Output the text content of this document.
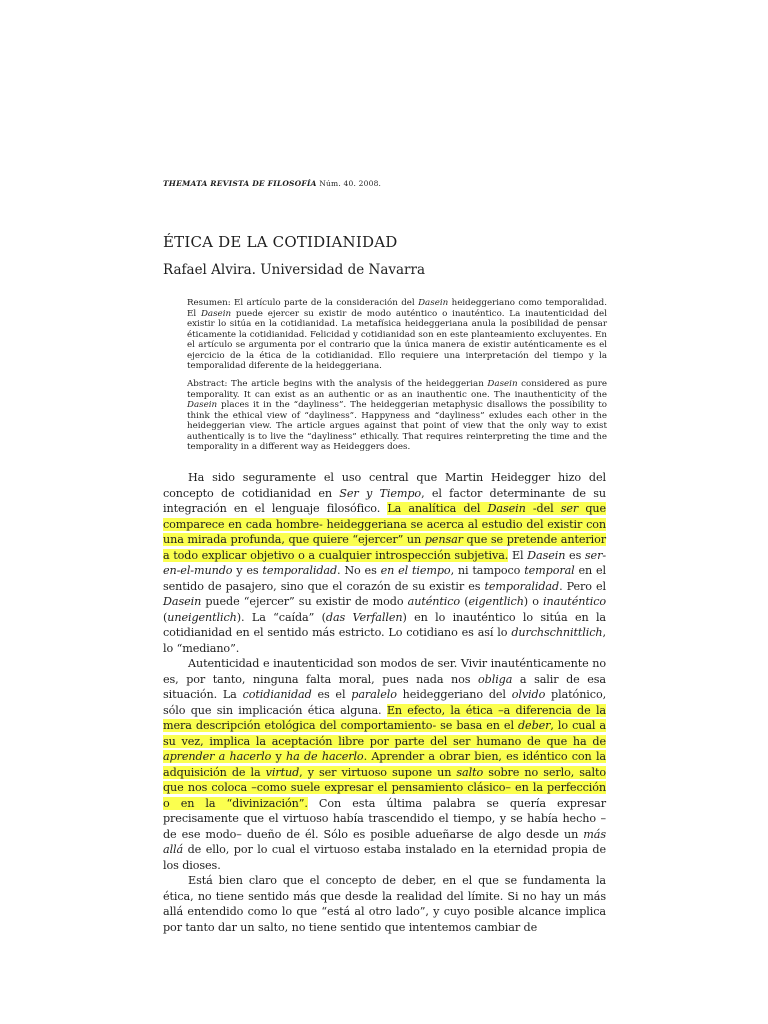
THEMATA REVISTA DE FILOSOFÍA Núm. 40. 2008.
ÉTICA DE LA COTIDIANIDAD
Rafael Alvira. Universidad de Navarra
Resumen: El artículo parte de la consideración del Dasein heideggeriano como temporalidad. El Dasein puede ejercer su existir de modo auténtico o inauténtico. La inautenticidad del existir lo sitúa en la cotidianidad. La metafísica heideggeriana anula la posibilidad de pensar éticamente la cotidianidad. Felicidad y cotidianidad son en este planteamiento excluyentes. En el artículo se argumenta por el contrario que la única manera de existir auténticamente es el ejercicio de la ética de la cotidianidad. Ello requiere una interpretación del tiempo y la temporalidad diferente de la heideggeriana.
Abstract: The article begins with the analysis of the heideggerian Dasein considered as pure temporality. It can exist as an authentic or as an inauthentic one. The inauthenticity of the Dasein places it in the “dayliness”. The heideggerian metaphysic disallows the possibility to think the ethical view of “dayliness”. Happyness and “dayliness” exludes each other in the heideggerian view. The article argues against that point of view that the only way to exist authentically is to live the “dayliness” ethically. That requires reinterpreting the time and the temporality in a different way as Heideggers does.

Ha sido seguramente el uso central que Martin Heidegger hizo del concepto de cotidianidad en Ser y Tiempo, el factor determinante de su integración en el lenguaje filosófico. La analítica del Dasein -del ser que comparece en cada hombre- heideggeriana se acerca al estudio del existir con una mirada profunda, que quiere “ejercer” un pensar que se pretende anterior a todo explicar objetivo o a cualquier introspección subjetiva. El Dasein es ser-en-el-mundo y es temporalidad. No es en el tiempo, ni tampoco temporal en el sentido de pasajero, sino que el corazón de su existir es temporalidad. Pero el Dasein puede “ejercer” su existir de modo auténtico (eigentlich) o inauténtico (uneigentlich). La “caída” (das Verfallen) en lo inauténtico lo sitúa en la cotidianidad en el sentido más estricto. Lo cotidiano es así lo durchschnittlich, lo “mediano”.

Autenticidad e inautenticidad son modos de ser. Vivir inauténticamente no es, por tanto, ninguna falta moral, pues nada nos obliga a salir de esa situación. La cotidianidad es el paralelo heideggeriano del olvido platónico, sólo que sin implicación ética alguna. En efecto, la ética –a diferencia de la mera descripción etológica del comportamiento- se basa en el deber, lo cual a su vez, implica la aceptación libre por parte del ser humano de que ha de aprender a hacerlo y ha de hacerlo. Aprender a obrar bien, es idéntico con la adquisición de la virtud, y ser virtuoso supone un salto sobre no serlo, salto que nos coloca –como suele expresar el pensamiento clásico– en la perfección o en la “divinización”. Con esta última palabra se quería expresar precisamente que el virtuoso había trascendido el tiempo, y se había hecho –de ese modo– dueño de él. Sólo es posible adueñarse de algo desde un más allá de ello, por lo cual el virtuoso estaba instalado en la eternidad propia de los dioses.

Está bien claro que el concepto de deber, en el que se fundamenta la ética, no tiene sentido más que desde la realidad del límite. Si no hay un más allá entendido como lo que “está al otro lado”, y cuyo posible alcance implica por tanto dar un salto, no tiene sentido que intentemos cambiar de
